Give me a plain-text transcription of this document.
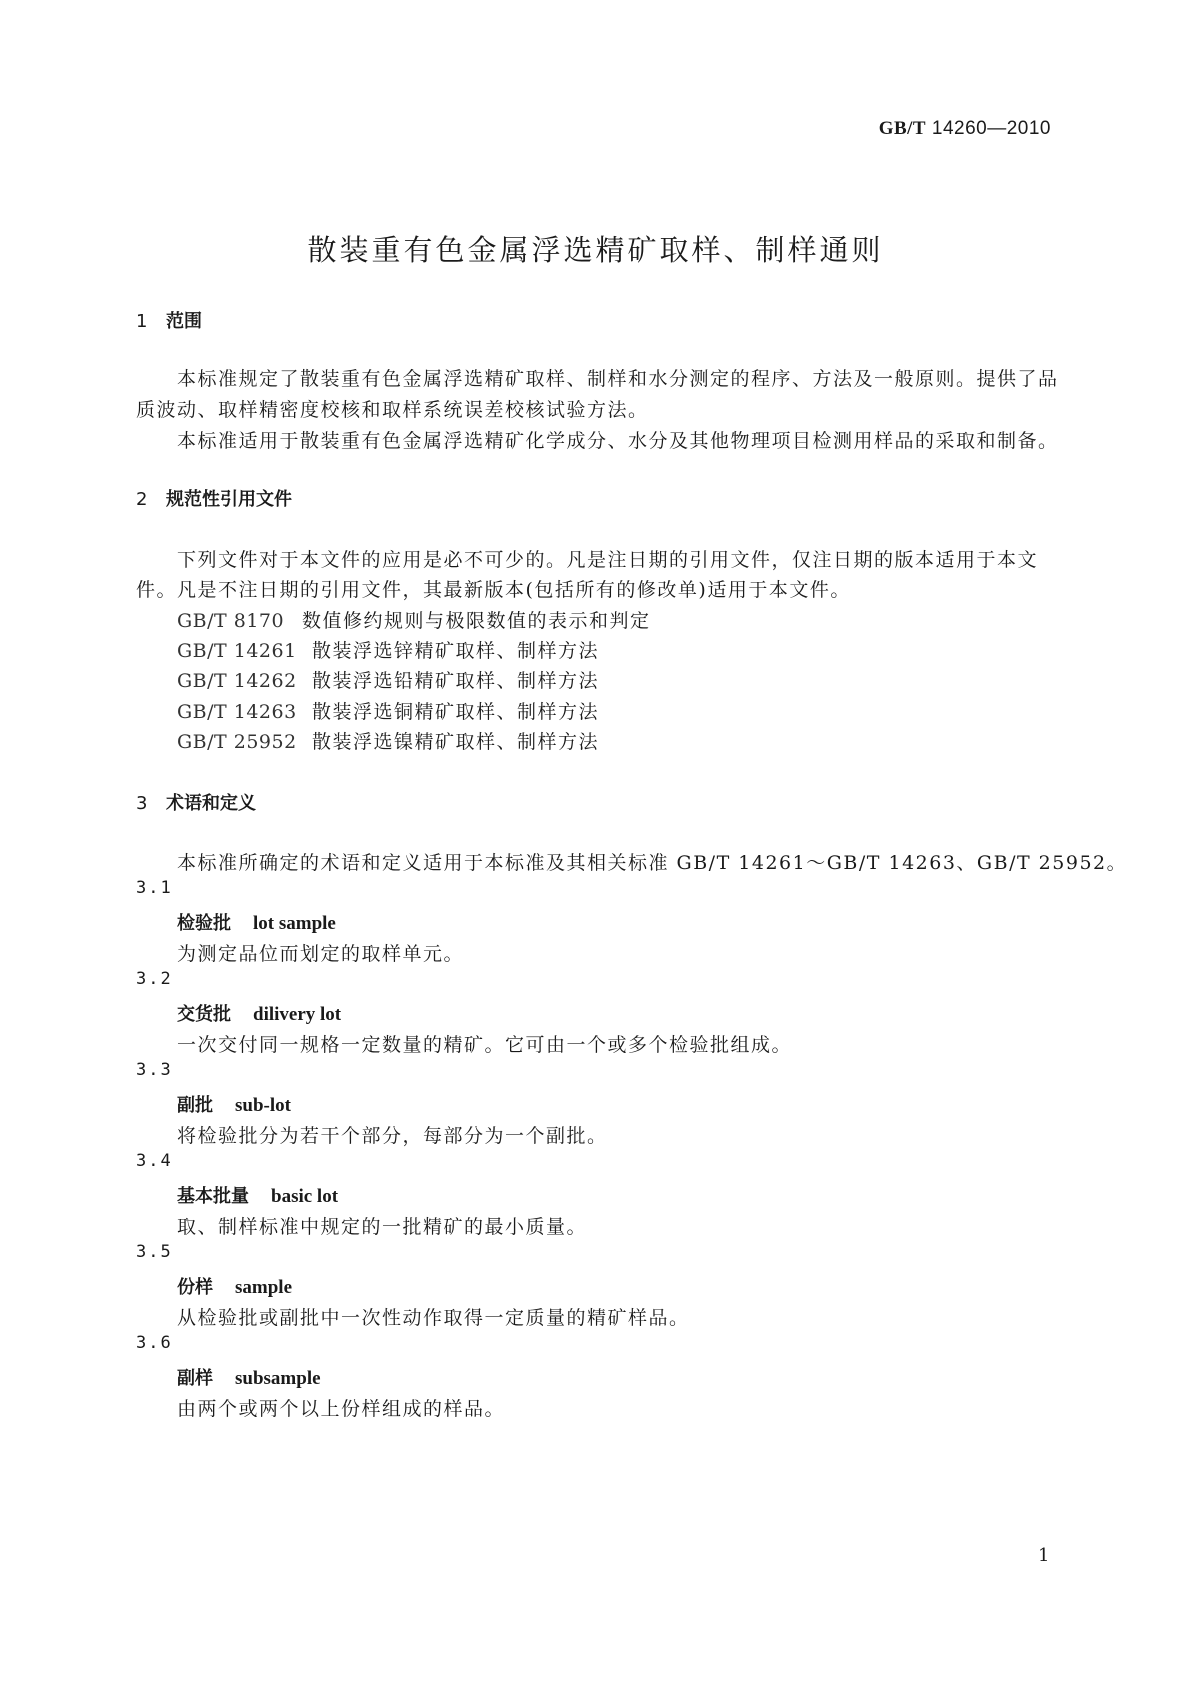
GB/T 14260—2010
散装重有色金属浮选精矿取样、制样通则
1 范围
本标准规定了散装重有色金属浮选精矿取样、制样和水分测定的程序、方法及一般原则。提供了品
质波动、取样精密度校核和取样系统误差校核试验方法。
本标准适用于散装重有色金属浮选精矿化学成分、水分及其他物理项目检测用样品的采取和制备。
2 规范性引用文件
下列文件对于本文件的应用是必不可少的。凡是注日期的引用文件，仅注日期的版本适用于本文
件。凡是不注日期的引用文件，其最新版本(包括所有的修改单)适用于本文件。
GB/T 8170 数值修约规则与极限数值的表示和判定
GB/T 14261 散装浮选锌精矿取样、制样方法
GB/T 14262 散装浮选铅精矿取样、制样方法
GB/T 14263 散装浮选铜精矿取样、制样方法
GB/T 25952 散装浮选镍精矿取样、制样方法
3 术语和定义
本标准所确定的术语和定义适用于本标准及其相关标准 GB/T 14261～GB/T 14263、GB/T 25952。
3.1
检验批 lot sample
为测定品位而划定的取样单元。
3.2
交货批 dilivery lot
一次交付同一规格一定数量的精矿。它可由一个或多个检验批组成。
3.3
副批 sub-lot
将检验批分为若干个部分，每部分为一个副批。
3.4
基本批量 basic lot
取、制样标准中规定的一批精矿的最小质量。
3.5
份样 sample
从检验批或副批中一次性动作取得一定质量的精矿样品。
3.6
副样 subsample
由两个或两个以上份样组成的样品。
1
